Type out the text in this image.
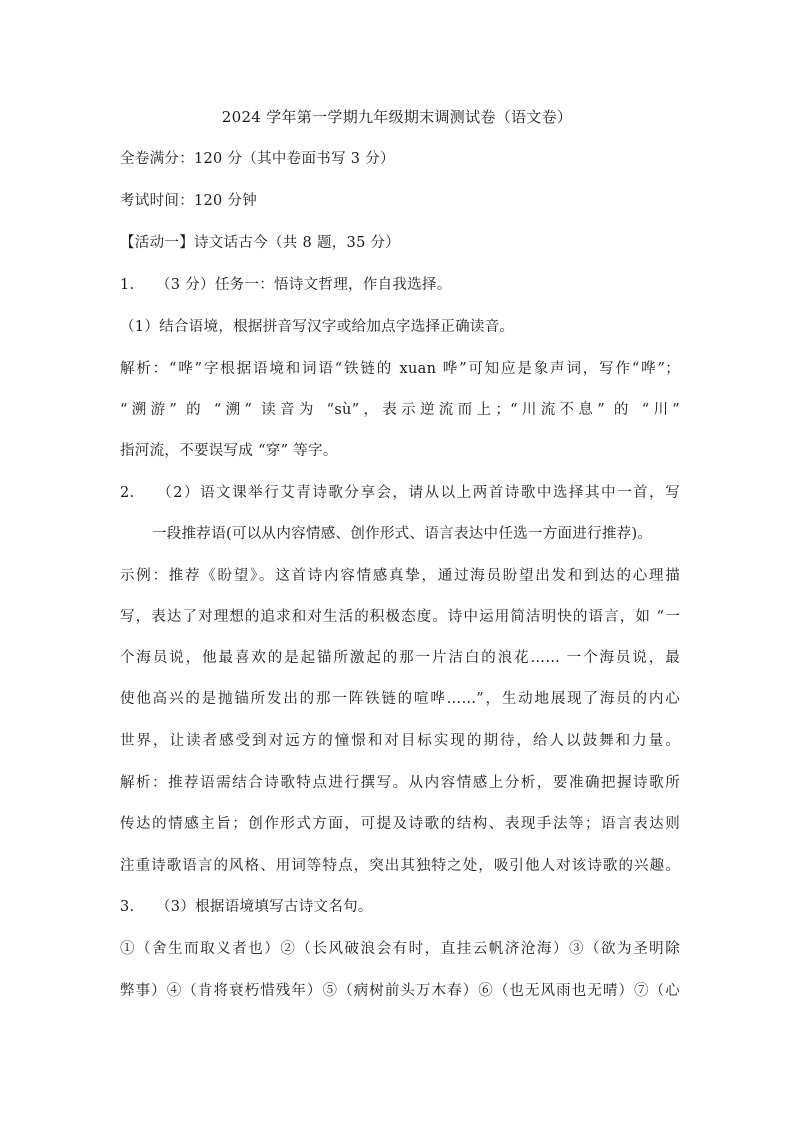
2024 学年第一学期九年级期末调测试卷（语文卷）
全卷满分：120 分（其中卷面书写 3 分）
考试时间：120 分钟
【活动一】诗文话古今（共 8 题，35 分）
1. （3 分）任务一：悟诗文哲理，作自我选择。
（1）结合语境，根据拼音写汉字或给加点字选择正确读音。
解析：“哗”字根据语境和词语“铁链的 xuan 哗”可知应是象声词，写作“哗”；
“溯游” 的 “溯” 读音为 “sù”，表示逆流而上；“川流不息” 的 “川”
指河流，不要误写成 “穿” 等字。
2. （2）语文课举行艾青诗歌分享会，请从以上两首诗歌中选择其中一首，写
一段推荐语(可以从内容情感、创作形式、语言表达中任选一方面进行推荐)。
示例：推荐《盼望》。这首诗内容情感真挚，通过海员盼望出发和到达的心理描
写，表达了对理想的追求和对生活的积极态度。诗中运用简洁明快的语言，如 “一
个海员说，他最喜欢的是起锚所激起的那一片洁白的浪花…… 一个海员说，最
使他高兴的是抛锚所发出的那一阵铁链的喧哗……”，生动地展现了海员的内心
世界，让读者感受到对远方的憧憬和对目标实现的期待，给人以鼓舞和力量。
解析：推荐语需结合诗歌特点进行撰写。从内容情感上分析，要准确把握诗歌所
传达的情感主旨；创作形式方面，可提及诗歌的结构、表现手法等；语言表达则
注重诗歌语言的风格、用词等特点，突出其独特之处，吸引他人对该诗歌的兴趣。
3. （3）根据语境填写古诗文名句。
①（舍生而取义者也）②（长风破浪会有时，直挂云帆济沧海）③（欲为圣明除
弊事）④（肯将衰朽惜残年）⑤（病树前头万木春）⑥（也无风雨也无晴）⑦（心
